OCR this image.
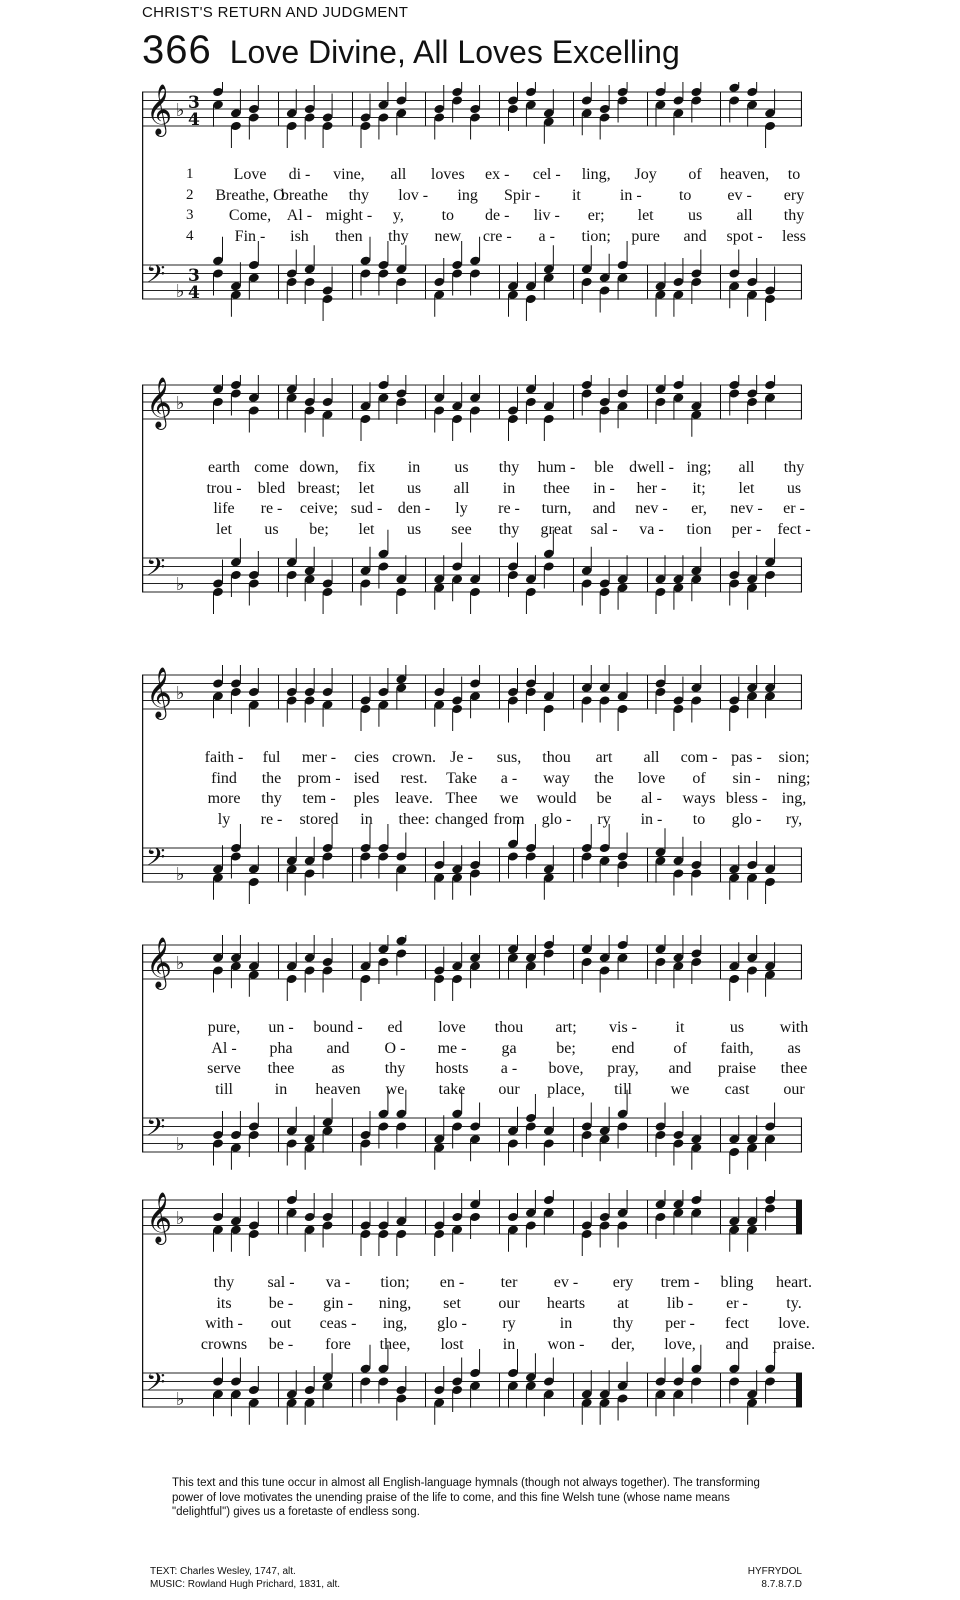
CHRIST'S RETURN AND JUDGMENT
366 Love Divine, All Loves Excelling
𝄞 ♭ 3
4
𝄢 ♭
3
4
1	Love di - vine, all loves ex - cel - ling, Joy of heaven, to
2 Breathe, O
breathe thy lov - ing Spir - it in - to ev - ery
3 Come, Al - might - y, to de - liv - er; let us all thy
4	Fin - ish then thy new cre - a - tion; pure and spot - less
𝄞 ♭
𝄢 ♭
earth come down, fix in us thy hum - ble dwell - ing; all thy
trou - bled breast; let us all in thee in - her - it; let us
life re - ceive; sud - den - ly re - turn, and nev - er, nev - er -
let us be; let us see thy great sal - va - tion per - fect -
𝄞 ♭
𝄢 ♭
faith - ful mer - cies crown. Je - sus, thou art all com - pas - sion;
find the prom - ised rest. Take a - way the love of sin - ning;
more thy tem - ples leave. Thee we would be al - ways bless - ing,
ly re - stored in thee: changed from glo - ry in - to glo - ry,
𝄞 ♭
𝄢 ♭
pure, un - bound - ed love thou art; vis - it	us with
Al - pha and O - me - ga be; end of faith, as
serve thee as	thy hosts a - bove, pray, and praise thee
till	in heaven we take our place, till we cast our
𝄞 ♭
𝄢 ♭
thy sal - va - tion; en - ter ev - ery trem - bling heart.
its be - gin - ning, set our hearts at lib - er - ty.
with - out ceas - ing, glo - ry	in	thy per - fect love.
crowns be - fore thee, lost in won - der, love, and praise.
This text and this tune occur in almost all English-language hymnals (though not always together). The transforming power of love motivates the unending praise of the life to come, and this fine Welsh tune (whose name means "delightful") gives us a foretaste of endless song.
TEXT: Charles Wesley, 1747, alt.
MUSIC: Rowland Hugh Prichard, 1831, alt.
HYFRYDOL
8.7.8.7.D
